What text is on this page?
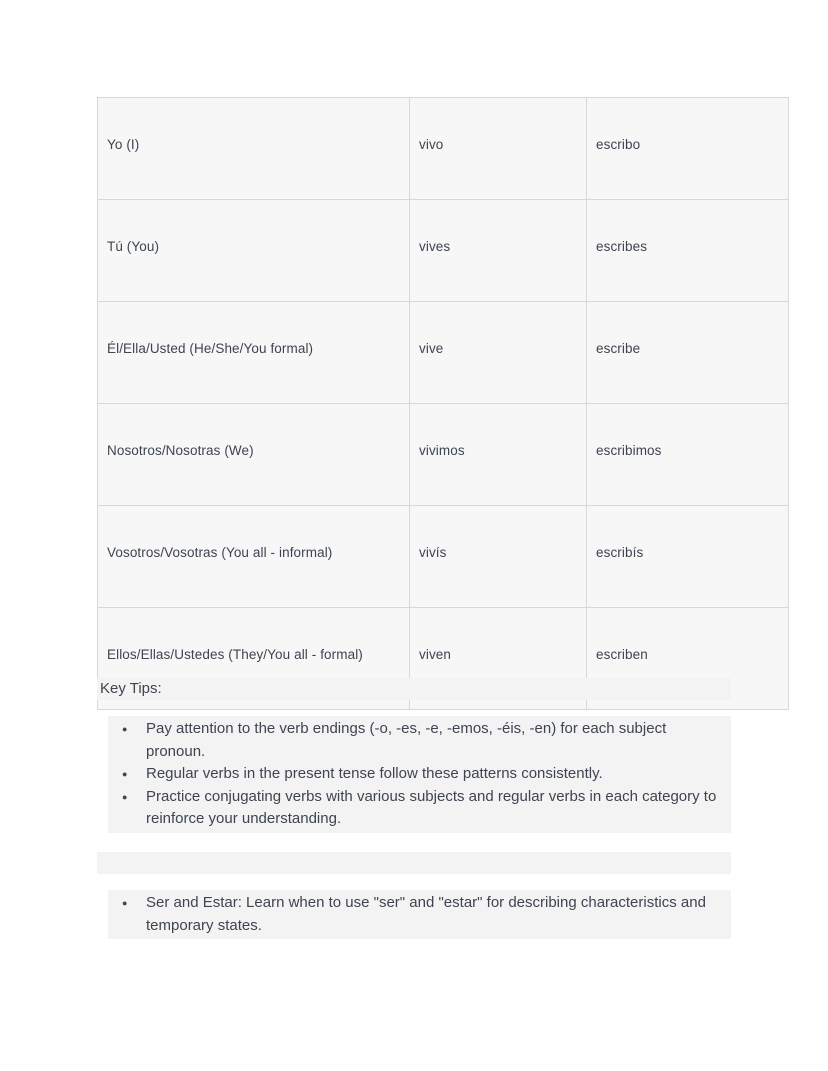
Yo (I)	vivo	escribo
Tú (You)	vives	escribes
Él/Ella/Usted (He/She/You formal)	vive	escribe
Nosotros/Nosotras (We)	vivimos	escribimos
Vosotros/Vosotras (You all - informal)	vivís	escribís
Ellos/Ellas/Ustedes (They/You all - formal)	viven	escriben
Key Tips:
●	Pay attention to the verb endings (-o, -es, -e, -emos, -éis, -en) for each subject pronoun.
●	Regular verbs in the present tense follow these patterns consistently.
●	Practice conjugating verbs with various subjects and regular verbs in each category to reinforce your understanding.
●	Ser and Estar: Learn when to use "ser" and "estar" for describing characteristics and temporary states.
